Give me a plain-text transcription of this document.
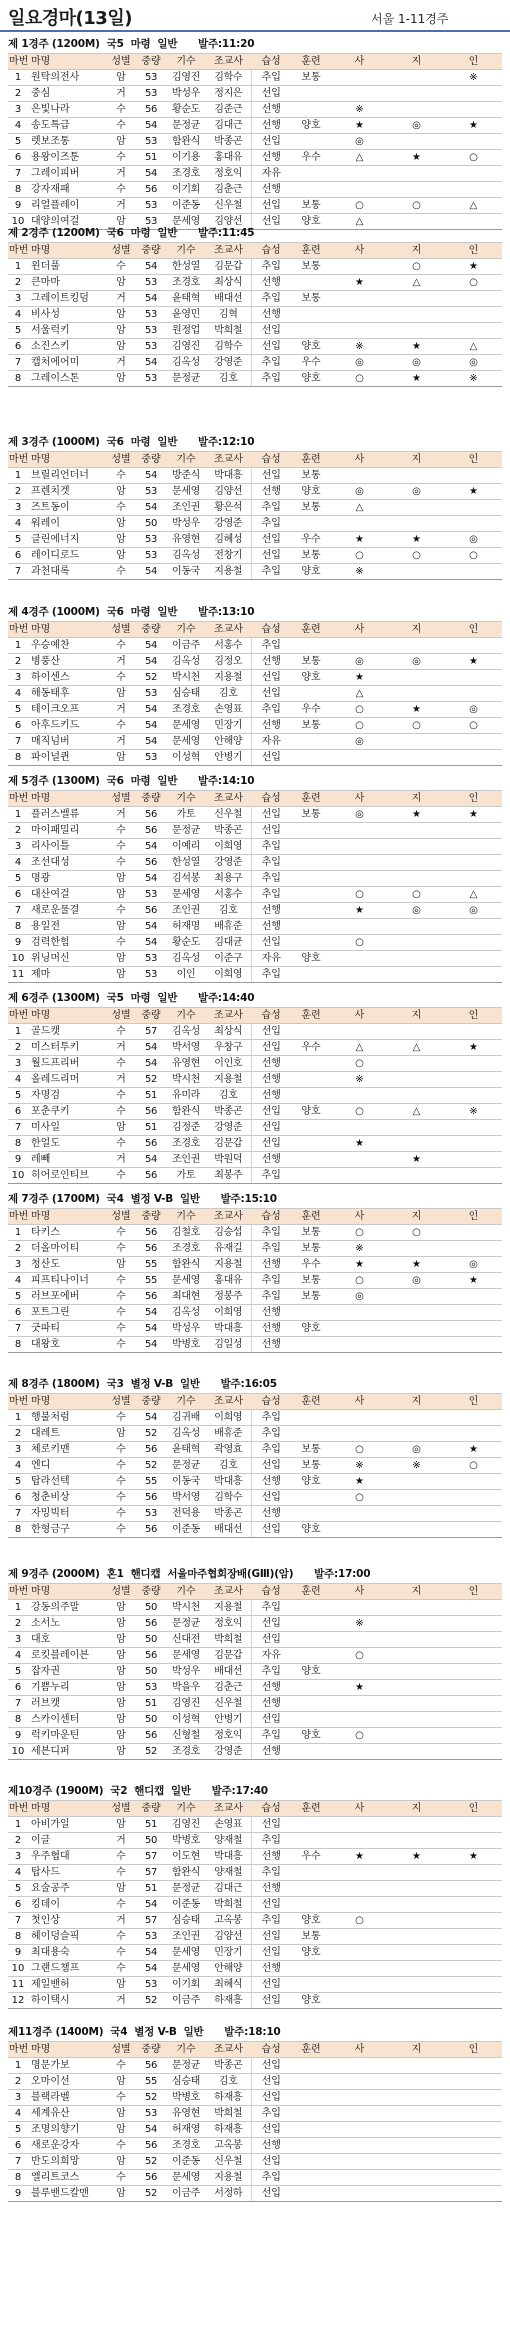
일요경마(13일)	서울 1-11경주
제 1경주 (1200M)  국5  마령  일반      발주:11:20
마번	마명	성별	중량	기수	조교사	습성	훈련	사	지	인
1	원탁의전사	암	53	김영진	김학수	추입	보통			※
2	중심	거	53	박성우	정지은	선입				
3	은빛나라	수	56	황순도	김준근	선행		※		
4	송도특급	수	54	문정균	김대근	선행	양호	★	◎	★
5	렛보조통	암	53	함완식	박종곤	선입		◎		
6	용왕이즈툰	수	51	이기용	홍대유	선행	우수	△	★	○
7	그레이피버	거	54	조경호	정호익	자유				
8	강자재패	수	56	이기회	김춘근	선행				
9	리얼플레이	거	53	이준동	신우철	선입	보통	○	○	△
10	대양의여걸	암	53	문세영	김양선	선입	양호	△		
제 2경주 (1200M)  국6  마령  일반      발주:11:45
마번	마명	성별	중량	기수	조교사	습성	훈련	사	지	인
1	윈더풀	수	54	한성열	김문갑	추입	보통		○	★
2	큰마마	암	53	조경호	최상식	선행		★	△	○
3	그레이트킹덤	거	54	윤태혁	배대선	추입	보통			
4	비사성	암	53	윤영민	김혁	선행				
5	서울럭키	암	53	원정업	박희철	선입				
6	소진스키	암	53	김영진	김학수	선입	양호	※	★	△
7	캡처에어미	거	54	김옥성	강영준	추입	우수	◎	◎	◎
8	그레이스톤	암	53	문정균	김호	추입	양호	○	★	※
제 3경주 (1000M)  국6  마령  일반      발주:12:10
마번	마명	성별	중량	기수	조교사	습성	훈련	사	지	인
1	브릴리언더너	수	54	방준식	박대흥	선입	보통			
2	프렌치겟	암	53	문세영	김양선	선행	양호	◎	◎	★
3	즈트동이	수	54	조인권	황은석	추입	보통	△		
4	워레이	암	50	박성우	강영준	추입				
5	클린에너지	암	53	유영현	김혜성	선입	우수	★	★	◎
6	레이디로드	암	53	김옥성	전창기	선입	보통	○	○	○
7	과천대록	수	54	이동국	지용철	추입	양호	※		
제 4경주 (1000M)  국6  마령  일반      발주:13:10
마번	마명	성별	중량	기수	조교사	습성	훈련	사	지	인
1	우승예찬	수	54	이금주	서홍수	추입				
2	병풍산	거	54	김옥성	김정오	선행	보통	◎	◎	★
3	하이센스	수	52	박시천	지용철	선입	양호	★		
4	해동태후	암	53	심승태	김호	선입		△		
5	테이크오프	거	54	조경호	손영표	추입	우수	○	★	◎
6	아후드키드	수	54	문세영	민장기	선행	보통	○	○	○
7	매직넘버	거	54	문세영	안해양	자유		◎		
8	파이널퀸	암	53	이성혁	안병기	선입				
제 5경주 (1300M)  국6  마령  일반      발주:14:10
마번	마명	성별	중량	기수	조교사	습성	훈련	사	지	인
1	플러스밸류	거	56	가토	신우철	선입	보통	◎	★	★
2	마이패밀리	수	56	문정균	박종곤	선입				
3	리사이틀	수	54	이예리	이희영	추입				
4	조선대성	수	56	한성열	강영준	추입				
5	명광	암	54	김석봉	최용구	추입				
6	대산여걸	암	53	문세영	서홍수	추입		○	○	△
7	새로운물결	수	56	조인권	김호	선행		★	◎	◎
8	용일전	암	54	허재명	배휴준	선행				
9	검력한힘	수	54	황순도	김대균	선입		○		
10	위닝머신	암	53	김옥성	이준구	자유	양호			
11	제마	암	53	이인	이희영	추입				
제 6경주 (1300M)  국5  마령  일반      발주:14:40
마번	마명	성별	중량	기수	조교사	습성	훈련	사	지	인
1	골드캣	수	57	김옥성	최상식	선입				
2	미스터투키	거	54	박서영	우창구	선입	우수	△	△	★
3	월드프리버	수	54	유영현	이인호	선행		○		
4	올레드리머	거	52	박시천	지용철	선행		※		
5	자명검	수	51	유미라	김호	선행				
6	포춘쿠키	수	56	함완식	박종곤	선입	양호	○	△	※
7	미사일	암	51	김정준	강영준	선입				
8	한얼도	수	56	조경호	김문갑	선입		★		
9	레빼	거	54	조인권	박원덕	선행			★	
10	히어로인티브	수	56	가토	최봉주	추입				
제 7경주 (1700M)  국4  별정 V-B  일반      발주:15:10
마번	마명	성별	중량	기수	조교사	습성	훈련	사	지	인
1	타키스	수	56	김철호	김승섭	추입	보통	○	○	
2	더올마이티	수	56	조경호	유재길	추입	보통	※		
3	청산도	암	55	함완식	지용철	선행	우수	★	★	◎
4	피프티나이너	수	55	문세영	홍대유	추입	보통	○	◎	★
5	러브포에버	수	56	최대현	정봉주	추입	보통	◎		
6	포트그린	수	54	김옥성	이희영	선행				
7	굿파티	수	54	박성우	박대흥	선행	양호			
8	대왕호	수	54	박병호	김일성	선행				
제 8경주 (1800M)  국3  별정 V-B  일반      발주:16:05
마번	마명	성별	중량	기수	조교사	습성	훈련	사	지	인
1	행불처럼	수	54	김귀배	이희영	추입				
2	대레트	암	52	김옥성	배휴준	추입				
3	체로키맨	수	56	윤태혁	곽영효	추입	보통	○	◎	★
4	엔디	수	52	문정균	김호	선입	보통	※	※	○
5	탑라선텍	수	55	이동국	박대흥	선행	양호	★		
6	청춘비상	수	56	박서영	김학수	선입		○		
7	자밍빅터	수	53	전덕용	박종곤	선행				
8	한형금구	수	56	이준동	배대선	선입	양호			
제 9경주 (2000M)  혼1  핸디캡  서울마주협회장배(GⅢ)(암)      발주:17:00
마번	마명	성별	중량	기수	조교사	습성	훈련	사	지	인
1	강동의주말	암	50	박시천	지용철	추입				
2	소서노	암	56	문정균	정호익	선입		※		
3	대호	암	50	신대전	박희철	선입				
4	로킷블레이븐	암	56	문세영	김문갑	자유		○		
5	잡자권	암	50	박성우	배대선	추입	양호			
6	기쁨누리	암	53	박을우	김춘근	선행		★		
7	러브캣	암	51	김영진	신우철	선행				
8	스카이센터	암	50	이성혁	안병기	선입				
9	럭키마운틴	암	56	신형철	정호익	추입	양호	○		
10	세븐디퍼	암	52	조경호	강영준	선행				
제10경주 (1900M)  국2  핸디캡  일반      발주:17:40
마번	마명	성별	중량	기수	조교사	습성	훈련	사	지	인
1	아비가일	암	51	김영진	손영표	선입				
2	이글	거	50	박병호	양재철	추입				
3	우주협대	수	57	이도현	박대흥	선행	우수	★	★	★
4	탑사드	수	57	함완식	양재철	추입				
5	요술공주	암	51	문정균	김대근	선행				
6	킹데이	수	54	이준동	박희철	선입				
7	첫인상	거	57	심승태	고옥봉	추입	양호	○		
8	헤이덩슬픽	수	53	조인권	김양선	선입	보통			
9	최대용숙	수	54	문세영	민장기	선입	양호			
10	그랜드챔프	수	54	문세영	안해양	선행				
11	제일밴허	암	53	이기회	최혜식	선입				
12	하이택시	거	52	이금주	하재흥	선입	양호			
제11경주 (1400M)  국4  별정 V-B  일반      발주:18:10
마번	마명	성별	중량	기수	조교사	습성	훈련	사	지	인
1	명문가보	수	56	문정균	박종곤	선입				
2	오마이선	암	55	심승태	김호	선입				
3	블랙라벨	수	52	박병호	하재흥	선입				
4	세계유산	암	53	유영현	박희철	추입				
5	조명의향기	암	54	허재영	하재흥	선입				
6	새로운강자	수	56	조경호	고옥봉	선행				
7	반도의희망	암	52	이준동	신우철	선입				
8	엘리트코스	수	56	문세영	지용철	추입				
9	블루밴드칼맨	암	52	이금주	서정하	선입				
